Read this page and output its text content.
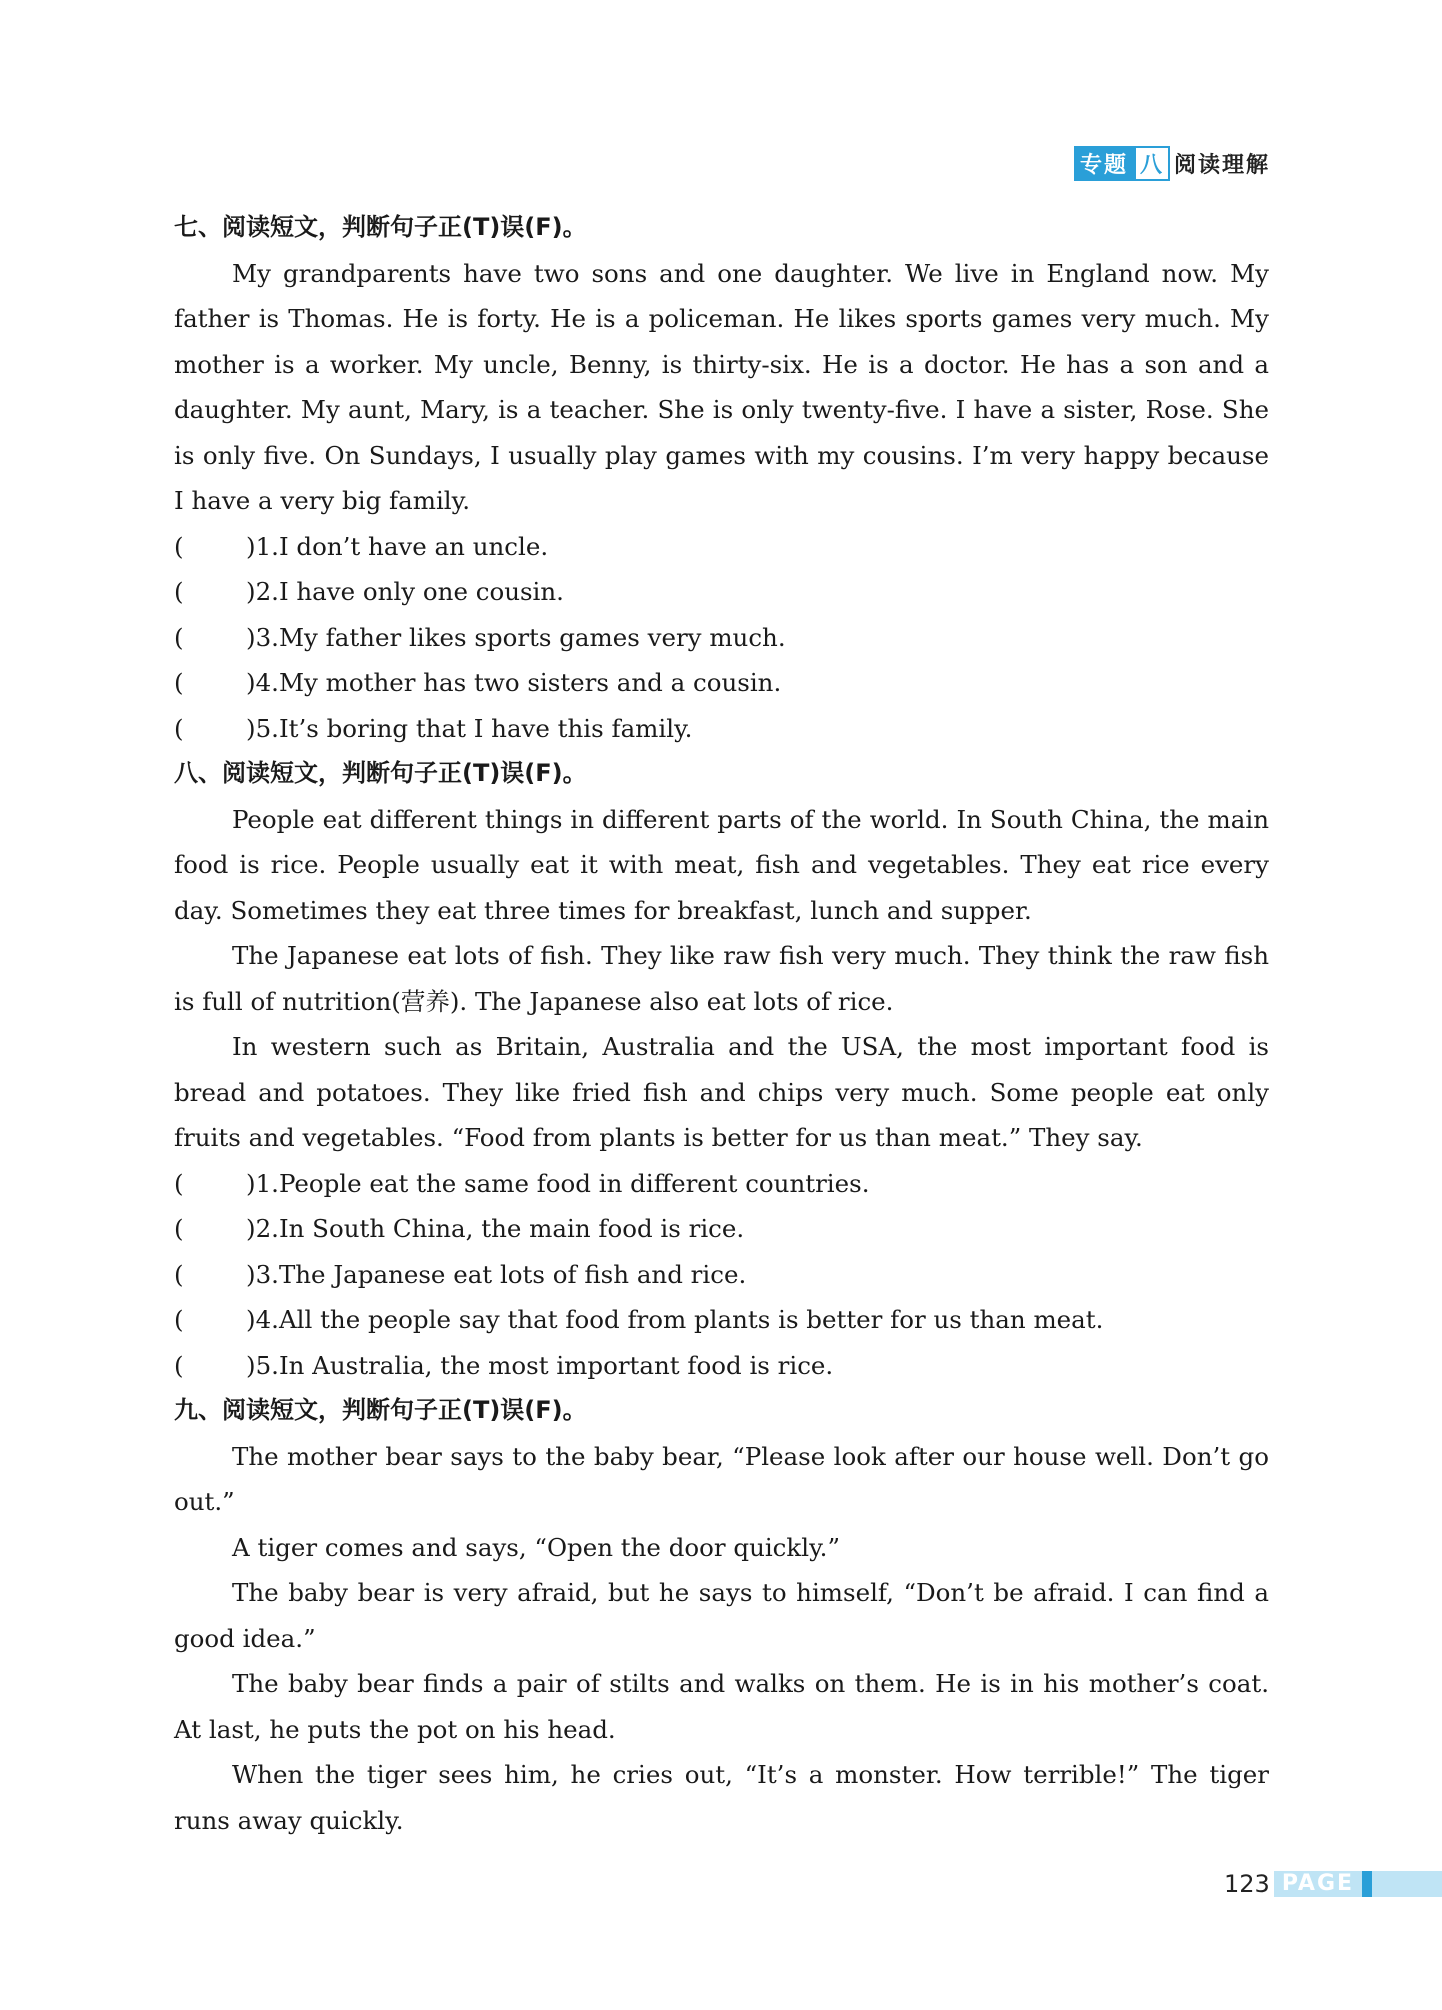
专题 八 阅读理解
七、阅读短文，判断句子正(T)误(F)。

My grandparents have two sons and one daughter. We live in England now. My father is Thomas. He is forty. He is a policeman. He likes sports games very much. My mother is a worker. My uncle, Benny, is thirty-six. He is a doctor. He has a son and a daughter. My aunt, Mary, is a teacher. She is only twenty-five. I have a sister, Rose. She is only five. On Sundays, I usually play games with my cousins. I’m very happy because I have a very big family.

(	) 1.I don’t have an uncle.
(	) 2.I have only one cousin.
(	) 3.My father likes sports games very much.
(	) 4.My mother has two sisters and a cousin.
(	) 5.It’s boring that I have this family.
八、阅读短文，判断句子正(T)误(F)。

People eat different things in different parts of the world. In South China, the main food is rice. People usually eat it with meat, fish and vegetables. They eat rice every day. Sometimes they eat three times for breakfast, lunch and supper.

The Japanese eat lots of fish. They like raw fish very much. They think the raw fish is full of nutrition(营养). The Japanese also eat lots of rice.

In western such as Britain, Australia and the USA, the most important food is bread and potatoes. They like fried fish and chips very much. Some people eat only fruits and vegetables. “Food from plants is better for us than meat.” They say.

(	) 1.People eat the same food in different countries.
(	) 2.In South China, the main food is rice.
(	) 3.The Japanese eat lots of fish and rice.
(	) 4.All the people say that food from plants is better for us than meat.
(	) 5.In Australia, the most important food is rice.
九、阅读短文，判断句子正(T)误(F)。

The mother bear says to the baby bear, “Please look after our house well. Don’t go out.”

A tiger comes and says, “Open the door quickly.”

The baby bear is very afraid, but he says to himself, “Don’t be afraid. I can find a good idea.”

The baby bear finds a pair of stilts and walks on them. He is in his mother’s coat. At last, he puts the pot on his head.

When the tiger sees him, he cries out, “It’s a monster. How terrible!” The tiger runs away quickly.

123 PAGE
